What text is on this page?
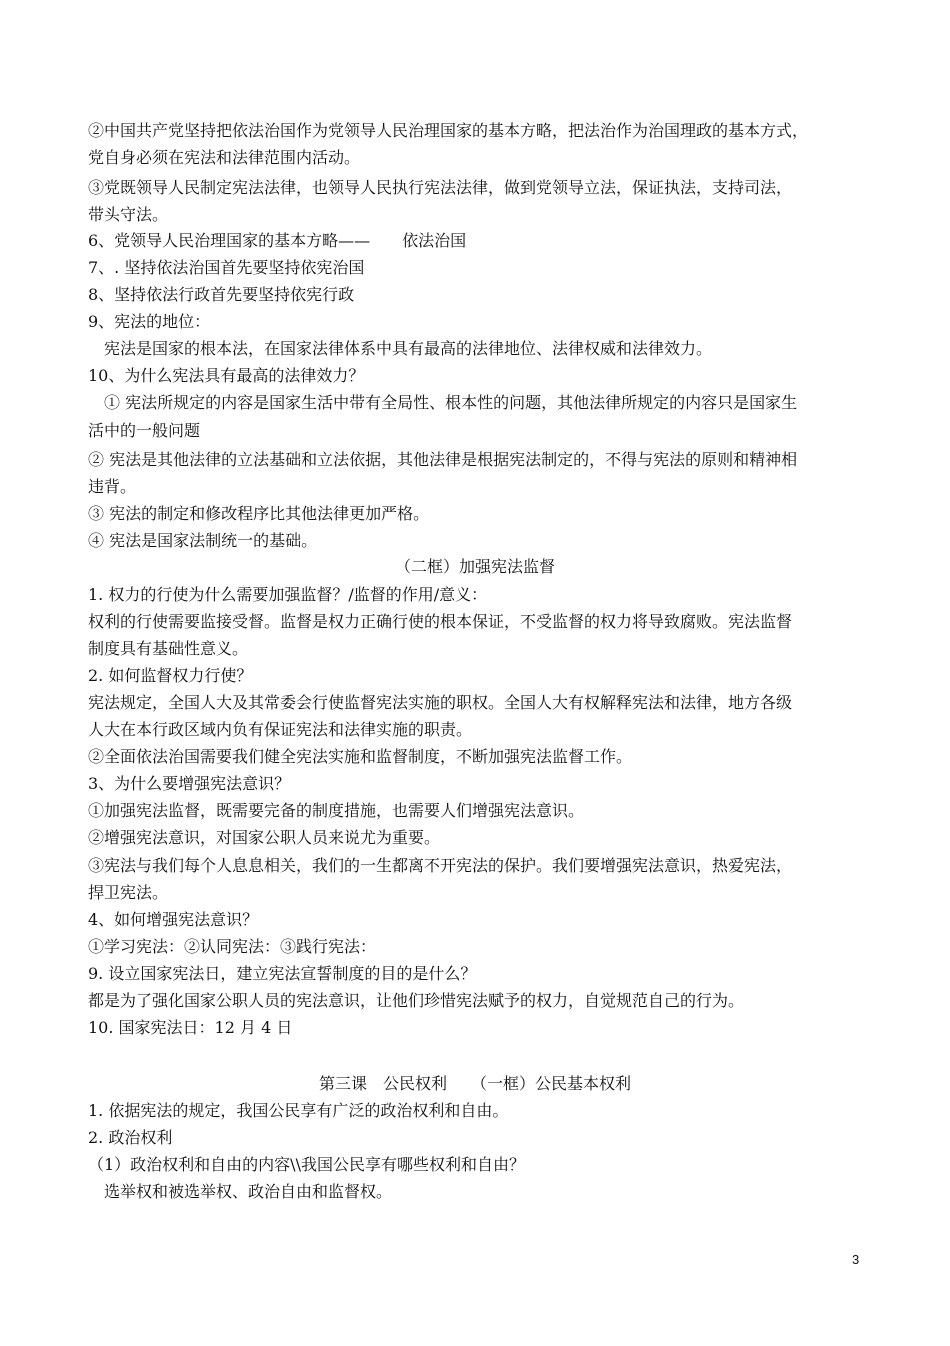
②中国共产党坚持把依法治国作为党领导人民治理国家的基本方略，把法治作为治国理政的基本方式，
党自身必须在宪法和法律范围内活动。
③党既领导人民制定宪法法律，也领导人民执行宪法法律，做到党领导立法，保证执法，支持司法，
带头守法。
6、党领导人民治理国家的基本方略——　　依法治国
7、. 坚持依法治国首先要坚持依宪治国
8、坚持依法行政首先要坚持依宪行政
9、宪法的地位：
　宪法是国家的根本法，在国家法律体系中具有最高的法律地位、法律权威和法律效力。
10、为什么宪法具有最高的法律效力？
　① 宪法所规定的内容是国家生活中带有全局性、根本性的问题，其他法律所规定的内容只是国家生
活中的一般问题
② 宪法是其他法律的立法基础和立法依据，其他法律是根据宪法制定的，不得与宪法的原则和精神相
违背。
③ 宪法的制定和修改程序比其他法律更加严格。
④ 宪法是国家法制统一的基础。
（二框）加强宪法监督
1. 权力的行使为什么需要加强监督？/监督的作用/意义：
权利的行使需要监接受督。监督是权力正确行使的根本保证，不受监督的权力将导致腐败。宪法监督
制度具有基础性意义。
2. 如何监督权力行使？
宪法规定，全国人大及其常委会行使监督宪法实施的职权。全国人大有权解释宪法和法律，地方各级
人大在本行政区域内负有保证宪法和法律实施的职责。
②全面依法治国需要我们健全宪法实施和监督制度，不断加强宪法监督工作。
3、为什么要增强宪法意识？
①加强宪法监督，既需要完备的制度措施，也需要人们增强宪法意识。
②增强宪法意识，对国家公职人员来说尤为重要。
③宪法与我们每个人息息相关，我们的一生都离不开宪法的保护。我们要增强宪法意识，热爱宪法，
捍卫宪法。
4、如何增强宪法意识？
①学习宪法：②认同宪法：③践行宪法：
9. 设立国家宪法日，建立宪法宣誓制度的目的是什么？
都是为了强化国家公职人员的宪法意识，让他们珍惜宪法赋予的权力，自觉规范自己的行为。
10. 国家宪法日：12 月 4 日
第三课　公民权利　　（一框）公民基本权利
1. 依据宪法的规定，我国公民享有广泛的政治权利和自由。
2. 政治权利
（1）政治权利和自由的内容\\我国公民享有哪些权利和自由？
　选举权和被选举权、政治自由和监督权。
3
